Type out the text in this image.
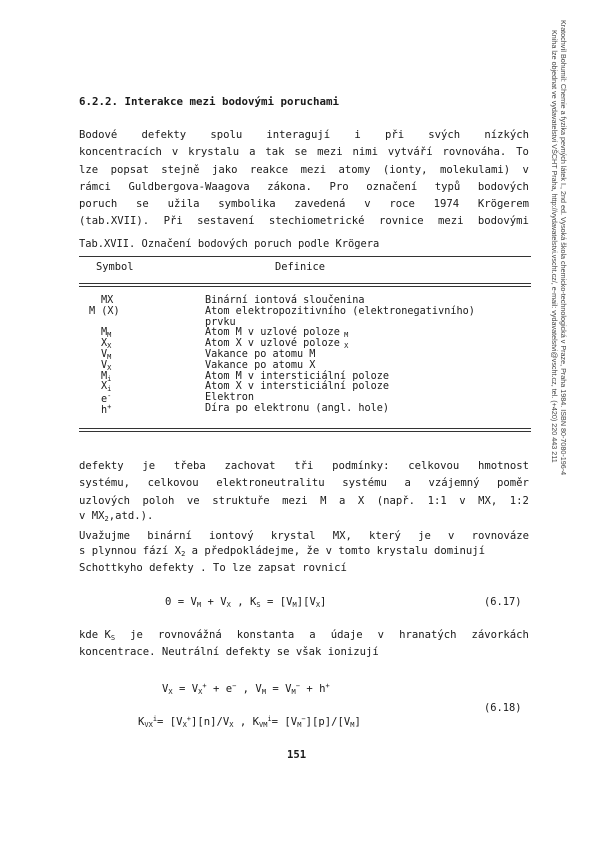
6.2.2. Interakce mezi bodovými poruchami
Bodové defekty spolu interagují i při svých nízkých
koncentracích v krystalu a tak se mezi nimi vytváří rovnováha. To
lze popsat stejně jako reakce mezi atomy (ionty, molekulami) v
rámci Guldbergova-Waagova zákona. Pro označení typů bodových
poruch se užila symbolika zavedená v roce 1974 Krögerem
(tab.XVII). Při sestavení stechiometrické rovnice mezi bodovými
Tab.XVII. Označení bodových poruch podle Krögera
Symbol	Definice
MX	Binární iontová sloučenina
M (X)	Atom elektropozitivního (elektronegativního)
prvku
$M_M$	Atom M v uzlové poloze $_M$
$X_X$	Atom X v uzlové poloze $_X$
$V_M$	Vakance po atomu M
$V_X$	Vakance po atomu X
$M_i$	Atom M v intersticiální poloze
$X_i$	Atom X v intersticiální poloze
e-	Elektron
h+	Díra po elektronu (angl. hole)
defekty je třeba zachovat tři podmínky: celkovou hmotnost
systému, celkovou elektroneutralitu systému a vzájemný poměr
uzlových poloh ve struktuře mezi M a X (např. 1:1 v MX, 1:2
v $MX_2,atd$.).
Uvažujme binární iontový krystal MX, který je v rovnováze
s plynnou fází $X_2$ a předpokládejme, že v tomto krystalu dominují
Schottkyho defekty . To lze zapsat rovnicí
$0 = V_M + V_X$ , $K_S = [V_M][V_X]$	(6.17)
kde $K_S$ je rovnovážná konstanta a údaje v hranatých závorkách
koncentrace. Neutrální defekty se však ionizují
$V_X = V_X^+ + e^-$ , $V_M = V_M^- + h^+$
(6.18)
$K_{VX}^i= [V_X^+][n]/V_X$ , $K_{VM}^i= [V_M^-][p]/[V_M]$
151
Kratochvíl Bohumil: Chemie a fyzika pevných látek I., 2nd ed. Vysoká škola chemicko-technologická v Praze, Praha 1984. ISBN 80-7080-196-4
Kniha lze objednat ve vydavatelství VŠCHT Praha, http://vydavatelstvi.vscht.cz/, e-mail: vydavatelstvi@vscht.cz, tel. (+420) 220 443 211
